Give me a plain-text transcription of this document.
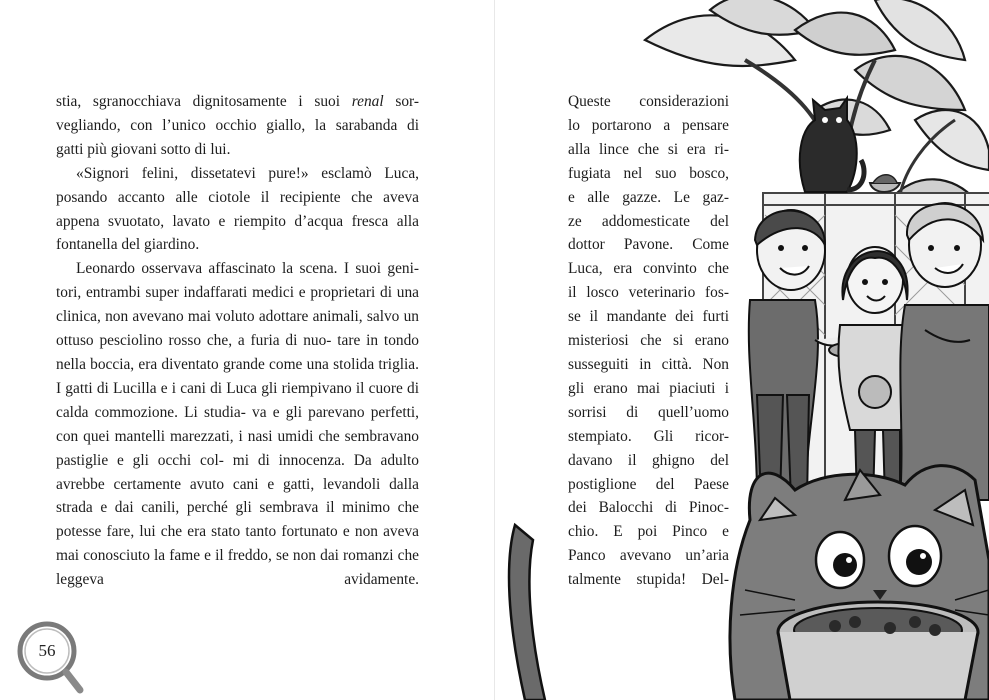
stia, sgranocchiava dignitosamente i suoi renal sor- vegliando, con l’unico occhio giallo, la sarabanda di

gatti più giovani sotto di lui.

«Signori felini, dissetatevi pure!» esclamò Luca, posando accanto alle ciotole il recipiente che aveva appena svuotato, lavato e riempito d’acqua fresca alla

fontanella del giardino.

Leonardo osservava affascinato la scena. I suoi geni- tori, entrambi super indaffarati medici e proprietari di una clinica, non avevano mai voluto adottare animali, salvo un ottuso pesciolino rosso che, a furia di nuo- tare in tondo nella boccia, era diventato grande come una stolida triglia. I gatti di Lucilla e i cani di Luca gli riempivano il cuore di calda commozione. Li studia- va e gli parevano perfetti, con quei mantelli marezzati, i nasi umidi che sembravano pastiglie e gli occhi col- mi di innocenza. Da adulto avrebbe certamente avuto cani e gatti, levandoli dalla strada e dai canili, perché gli sembrava il minimo che potesse fare, lui che era stato tanto fortunato e non aveva mai conosciuto la fame e il freddo, se non dai romanzi che leggeva avidamente.

56
Queste considerazioni
lo portarono a pensare
alla lince che si era ri-
fugiata nel suo bosco,
e alle gazze. Le gaz-
ze addomesticate del
dottor Pavone. Come
Luca, era convinto che
il losco veterinario fos-
se il mandante dei furti
misteriosi che si erano
susseguiti in città. Non
gli erano mai piaciuti i
sorrisi di quell’uomo
stempiato. Gli ricor-
davano il ghigno del
postiglione del Paese
dei Balocchi di Pinoc-
chio. E poi Pinco e
Panco avevano un’aria
talmente stupida! Del-
